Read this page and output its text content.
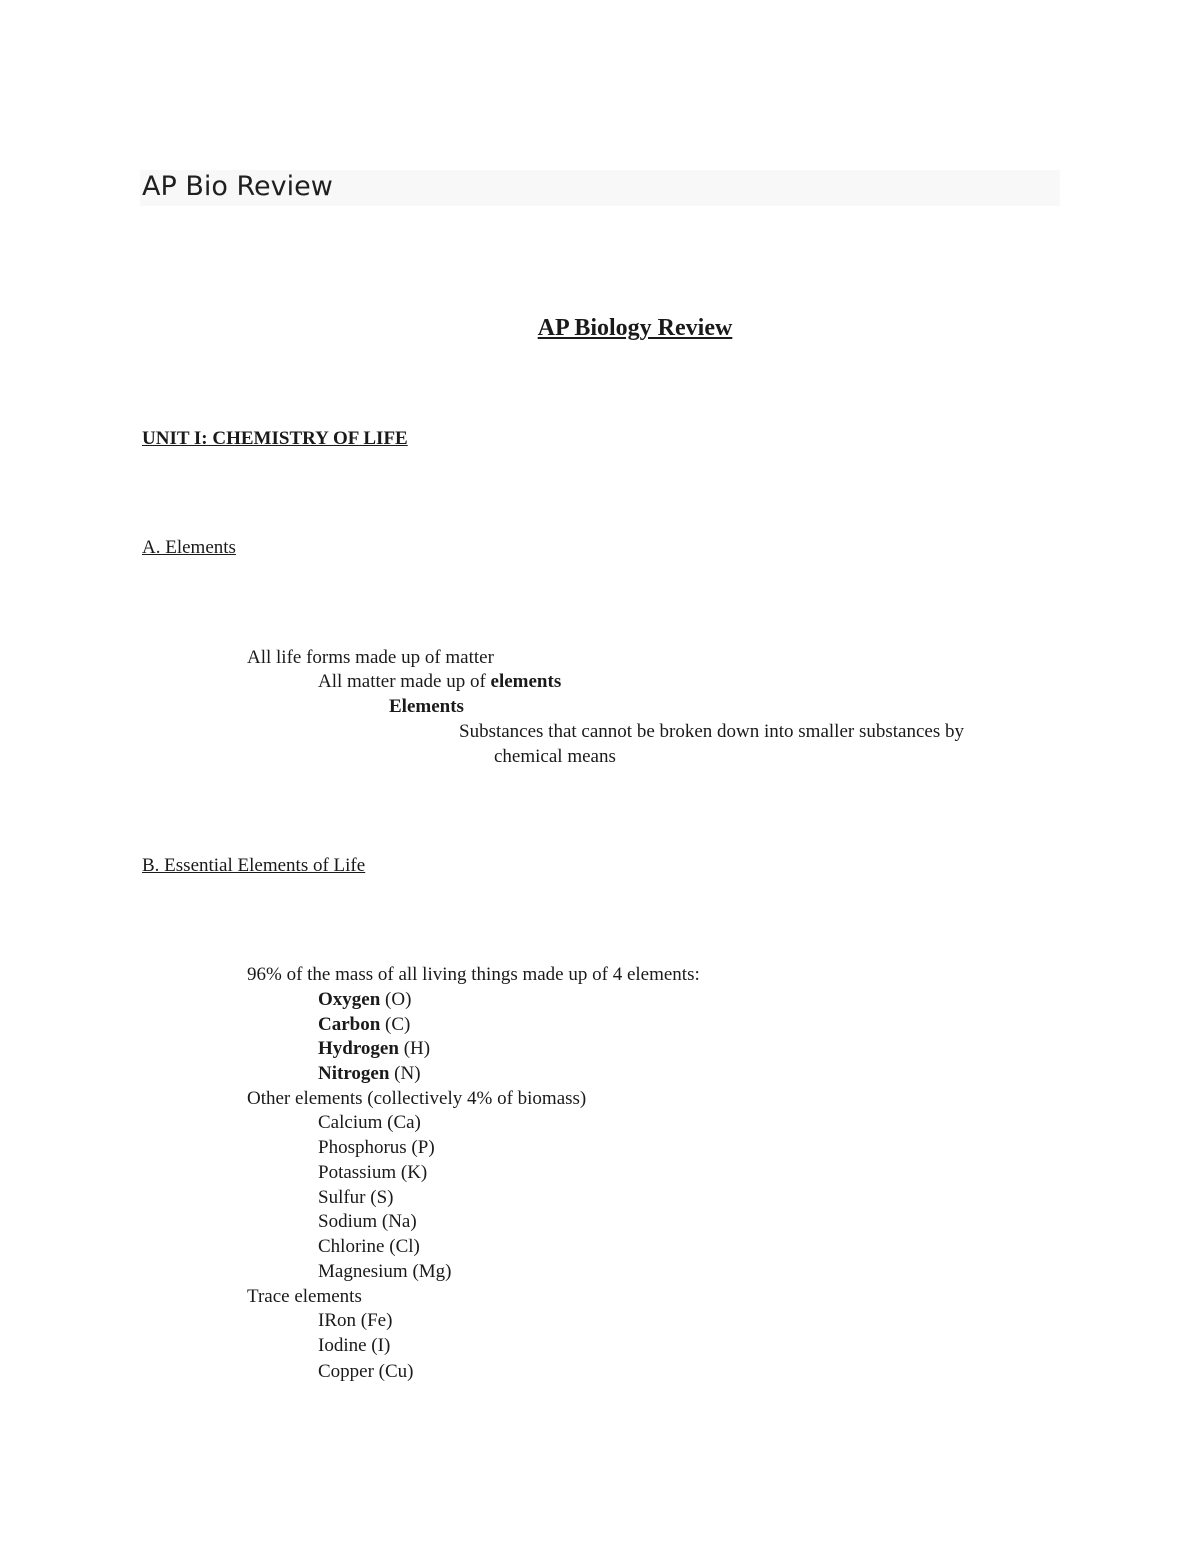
AP Bio Review
AP Biology Review
UNIT I: CHEMISTRY OF LIFE
A. Elements
All life forms made up of matter
All matter made up of elements
Elements
Substances that cannot be broken down into smaller substances by
chemical means
B. Essential Elements of Life
96% of the mass of all living things made up of 4 elements:
Oxygen (O)
Carbon (C)
Hydrogen (H)
Nitrogen (N)
Other elements (collectively 4% of biomass)
Calcium (Ca)
Phosphorus (P)
Potassium (K)
Sulfur (S)
Sodium (Na)
Chlorine (Cl)
Magnesium (Mg)
Trace elements
IRon (Fe)
Iodine (I)
Copper (Cu)
